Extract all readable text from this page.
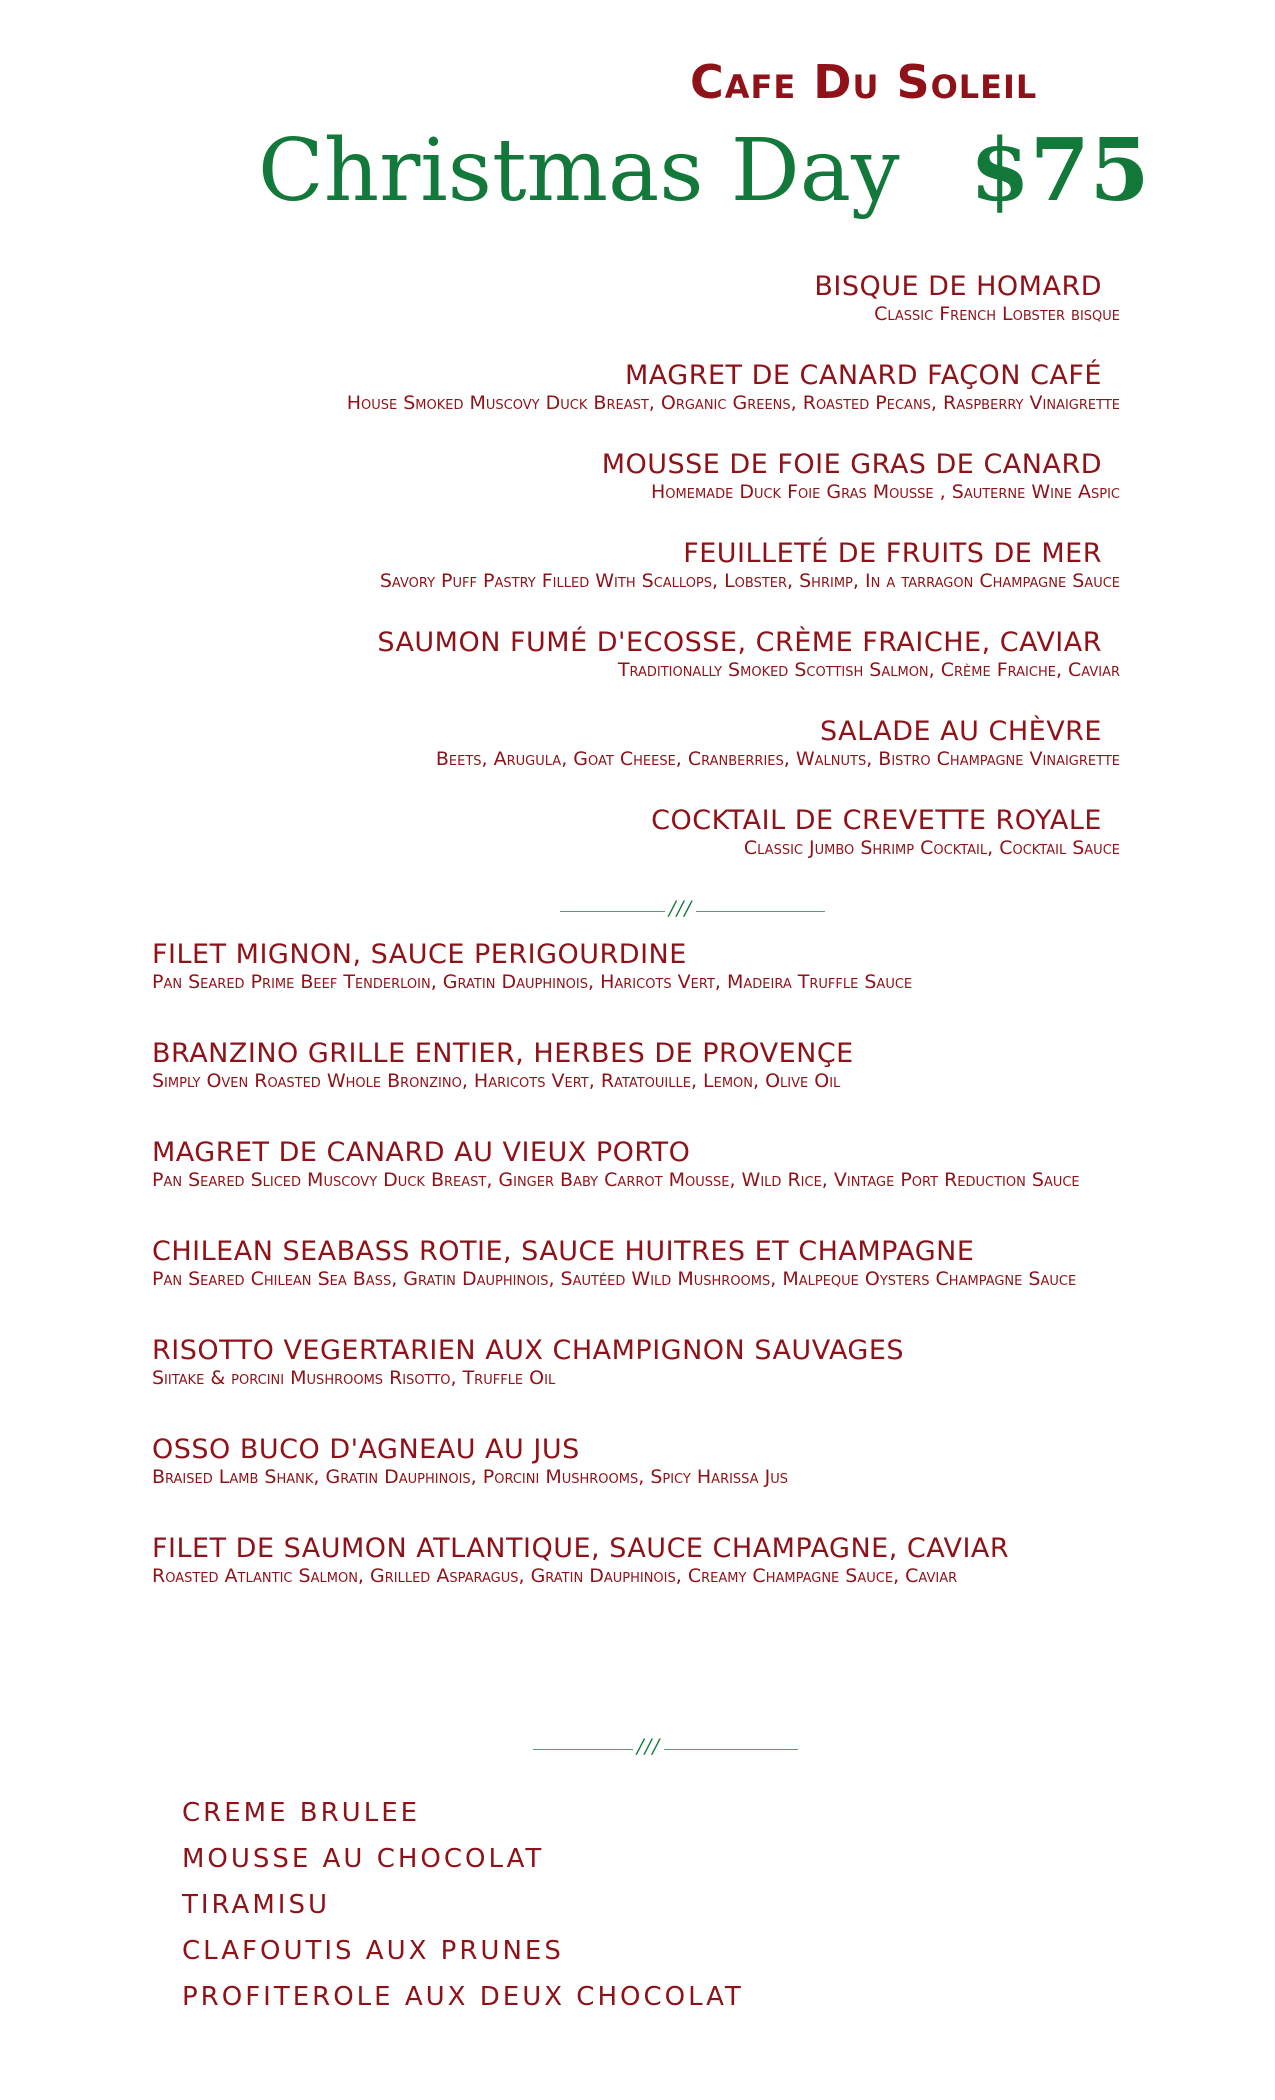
Cafe Du Soleil
Christmas Day $75
BISQUE DE HOMARD
Classic French Lobster bisque
MAGRET DE CANARD FAÇON CAFÉ
House Smoked Muscovy Duck Breast, Organic Greens, Roasted Pecans, Raspberry Vinaigrette
MOUSSE DE FOIE GRAS DE CANARD
Homemade Duck Foie Gras Mousse , Sauterne Wine Aspic
FEUILLETÉ DE FRUITS DE MER
Savory Puff Pastry Filled With Scallops, Lobster, Shrimp, In a tarragon Champagne Sauce
SAUMON FUMÉ D'ECOSSE, CRÈME FRAICHE, CAVIAR
Traditionally Smoked Scottish Salmon, Crème Fraiche, Caviar
SALADE AU CHÈVRE
Beets, Arugula, Goat Cheese, Cranberries, Walnuts, Bistro Champagne Vinaigrette
COCKTAIL DE CREVETTE ROYALE
Classic Jumbo Shrimp Cocktail, Cocktail Sauce
///
FILET MIGNON, SAUCE PERIGOURDINE
Pan Seared Prime Beef Tenderloin, Gratin Dauphinois, Haricots Vert, Madeira Truffle Sauce
BRANZINO GRILLE ENTIER, HERBES DE PROVENÇE
Simply Oven Roasted Whole Bronzino, Haricots Vert, Ratatouille, Lemon, Olive Oil
MAGRET DE CANARD AU VIEUX PORTO
Pan Seared Sliced Muscovy Duck Breast, Ginger Baby Carrot Mousse, Wild Rice, Vintage Port Reduction Sauce
CHILEAN SEABASS ROTIE, SAUCE HUITRES ET CHAMPAGNE
Pan Seared Chilean Sea Bass, Gratin Dauphinois, Sautéed Wild Mushrooms, Malpeque Oysters Champagne Sauce
RISOTTO VEGERTARIEN AUX CHAMPIGNON SAUVAGES
Siitake & porcini Mushrooms Risotto, Truffle Oil
OSSO BUCO D'AGNEAU AU JUS
Braised Lamb Shank, Gratin Dauphinois, Porcini Mushrooms, Spicy Harissa Jus
FILET DE SAUMON ATLANTIQUE, SAUCE CHAMPAGNE, CAVIAR
Roasted Atlantic Salmon, Grilled Asparagus, Gratin Dauphinois, Creamy Champagne Sauce, Caviar
///
CREME BRULEE
MOUSSE AU CHOCOLAT
TIRAMISU
CLAFOUTIS AUX PRUNES
PROFITEROLE AUX DEUX CHOCOLAT
